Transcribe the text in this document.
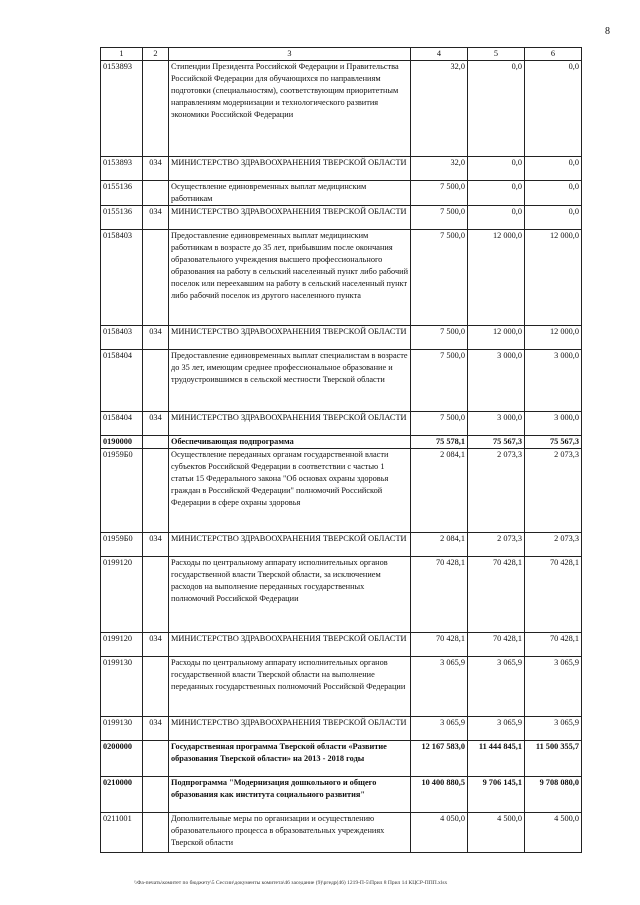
8
1	2	3	4	5	6
0153893		Стипендии Президента Российской Федерации и Правительства Российской Федерации для обучающихся по направлениям подготовки (специальностям), соответствующим приоритетным направлениям модернизации и технологического развития экономики Российской Федерации	32,0	0,0	0,0
0153893	034	МИНИСТЕРСТВО ЗДРАВООХРАНЕНИЯ ТВЕРСКОЙ ОБЛАСТИ	32,0	0,0	0,0
0155136		Осуществление единовременных выплат медицинским работникам	7 500,0	0,0	0,0
0155136	034	МИНИСТЕРСТВО ЗДРАВООХРАНЕНИЯ ТВЕРСКОЙ ОБЛАСТИ	7 500,0	0,0	0,0
0158403		Предоставление единовременных выплат медицинским работникам в возрасте до 35 лет, прибывшим после окончания образовательного учреждения высшего профессионального образования на работу в сельский населенный пункт либо рабочий поселок или переехавшим на работу в сельский населенный пункт либо рабочий поселок из другого населенного пункта	7 500,0	12 000,0	12 000,0
0158403	034	МИНИСТЕРСТВО ЗДРАВООХРАНЕНИЯ ТВЕРСКОЙ ОБЛАСТИ	7 500,0	12 000,0	12 000,0
0158404		Предоставление единовременных выплат специалистам в возрасте до 35 лет, имеющим среднее профессиональное образование и трудоустроившимся в сельской местности Тверской области	7 500,0	3 000,0	3 000,0
0158404	034	МИНИСТЕРСТВО ЗДРАВООХРАНЕНИЯ ТВЕРСКОЙ ОБЛАСТИ	7 500,0	3 000,0	3 000,0
0190000		Обеспечивающая подпрограмма	75 578,1	75 567,3	75 567,3
01959Б0		Осуществление переданных органам государственной власти субъектов Российской Федерации в соответствии с частью 1 статьи 15 Федерального закона "Об основах охраны здоровья граждан в Российской Федерации" полномочий Российской Федерации в сфере охраны здоровья	2 084,1	2 073,3	2 073,3
01959Б0	034	МИНИСТЕРСТВО ЗДРАВООХРАНЕНИЯ ТВЕРСКОЙ ОБЛАСТИ	2 084,1	2 073,3	2 073,3
0199120		Расходы по центральному аппарату исполнительных органов государственной власти Тверской области, за исключением расходов на выполнение переданных государственных полномочий Российской Федерации	70 428,1	70 428,1	70 428,1
0199120	034	МИНИСТЕРСТВО ЗДРАВООХРАНЕНИЯ ТВЕРСКОЙ ОБЛАСТИ	70 428,1	70 428,1	70 428,1
0199130		Расходы по центральному аппарату исполнительных органов государственной власти Тверской области на выполнение переданных государственных полномочий Российской Федерации	3 065,9	3 065,9	3 065,9
0199130	034	МИНИСТЕРСТВО ЗДРАВООХРАНЕНИЯ ТВЕРСКОЙ ОБЛАСТИ	3 065,9	3 065,9	3 065,9
0200000		Государственная программа Тверской области «Развитие образования Тверской области» на 2013 - 2018 годы	12 167 583,0	11 444 845,1	11 500 355,7
0210000		Подпрограмма "Модернизация дошкольного и общего образования как института социального развития"	10 400 880,5	9 706 145,1	9 708 080,0
0211001		Дополнительные меры по организации и осуществлению образовательного процесса в образовательных учреждениях Тверской области	4 050,0	4 500,0	4 500,0
\\Фа-печать\комитет по бюджету\5 Сессии\документы комитета\46 заседание (9)\ргедр(46) 1219-П-5\Прил 8 Прил 14 КЦСР-ППП.xlsx
